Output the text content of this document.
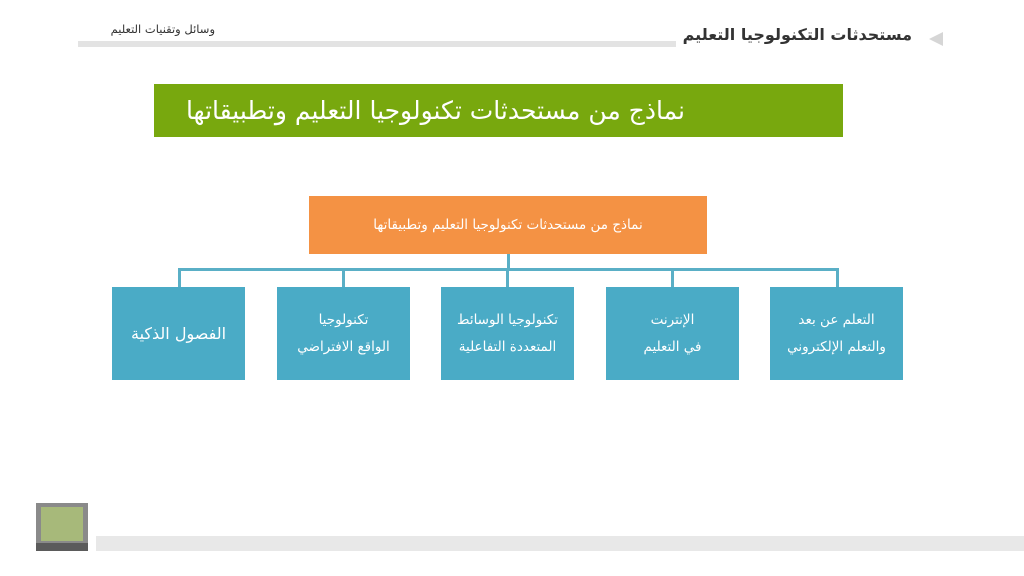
وسائل وتقنيات التعليم	مستحدثات التكنولوجيا التعليم
نماذج من مستحدثات تكنولوجيا التعليم وتطبيقاتها
نماذج من مستحدثات تكنولوجيا التعليم وتطبيقاتها
التعلم عن بعد
والتعلم الإلكتروني
الإنترنت
في التعليم
تكنولوجيا الوسائط
المتعددة التفاعلية
تكنولوجيا
الواقع الافتراضي
الفصول الذكية
